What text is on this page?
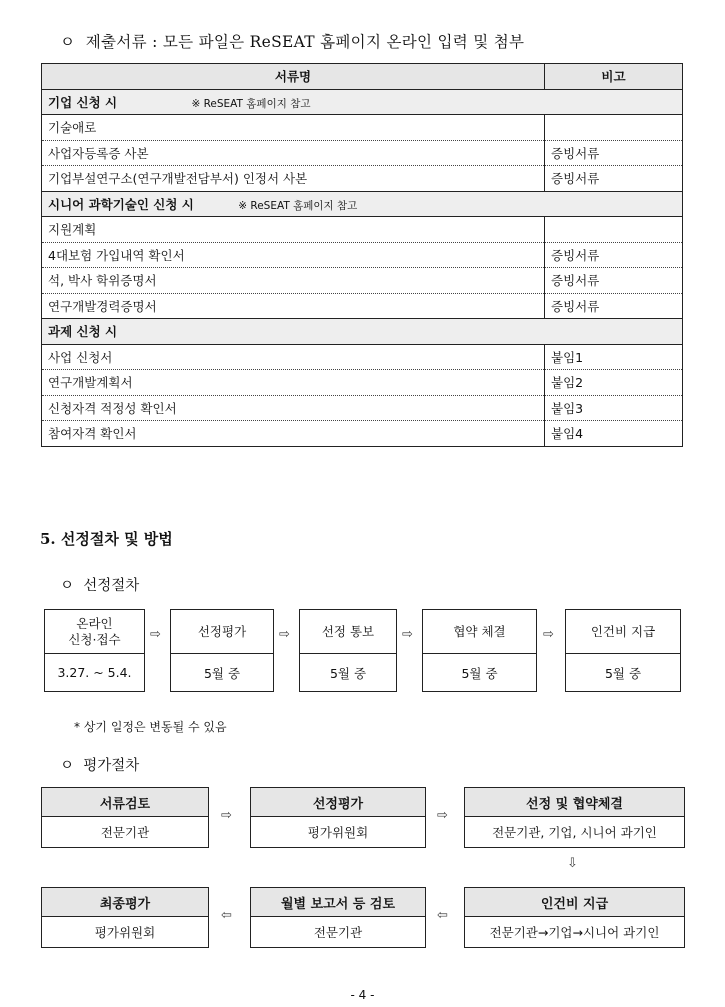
ㅇ 제출서류 : 모든 파일은 ReSEAT 홈페이지 온라인 입력 및 첨부
서류명	비고
기업 신청 시 ※ ReSEAT 홈페이지 참고	
기술애로	
사업자등록증 사본	증빙서류
기업부설연구소(연구개발전담부서) 인정서 사본	증빙서류
시니어 과학기술인 신청 시 ※ ReSEAT 홈페이지 참고	
지원계획	
4대보험 가입내역 확인서	증빙서류
석, 박사 학위증명서	증빙서류
연구개발경력증명서	증빙서류
과제 신청 시	
사업 신청서	붙임1
연구개발계획서	붙임2
신청자격 적정성 확인서	붙임3
참여자격 확인서	붙임4
5. 선정절차 및 방법
ㅇ 선정절차
온라인
신청·접수
3.27. ~ 5.4.
⇨	선정평가
5월 중
⇨	선정 통보
5월 중
⇨	협약 체결
5월 중
⇨	인건비 지급
5월 중
* 상기 일정은 변동될 수 있음
ㅇ 평가절차
서류검토
전문기관
⇨
선정평가
평가위원회
⇨
선정 및 협약체결
전문기관, 기업, 시니어 과기인
⇩
최종평가
평가위원회
⇦
월별 보고서 등 검토
전문기관
⇦
인건비 지급
전문기관→기업→시니어 과기인
- 4 -
